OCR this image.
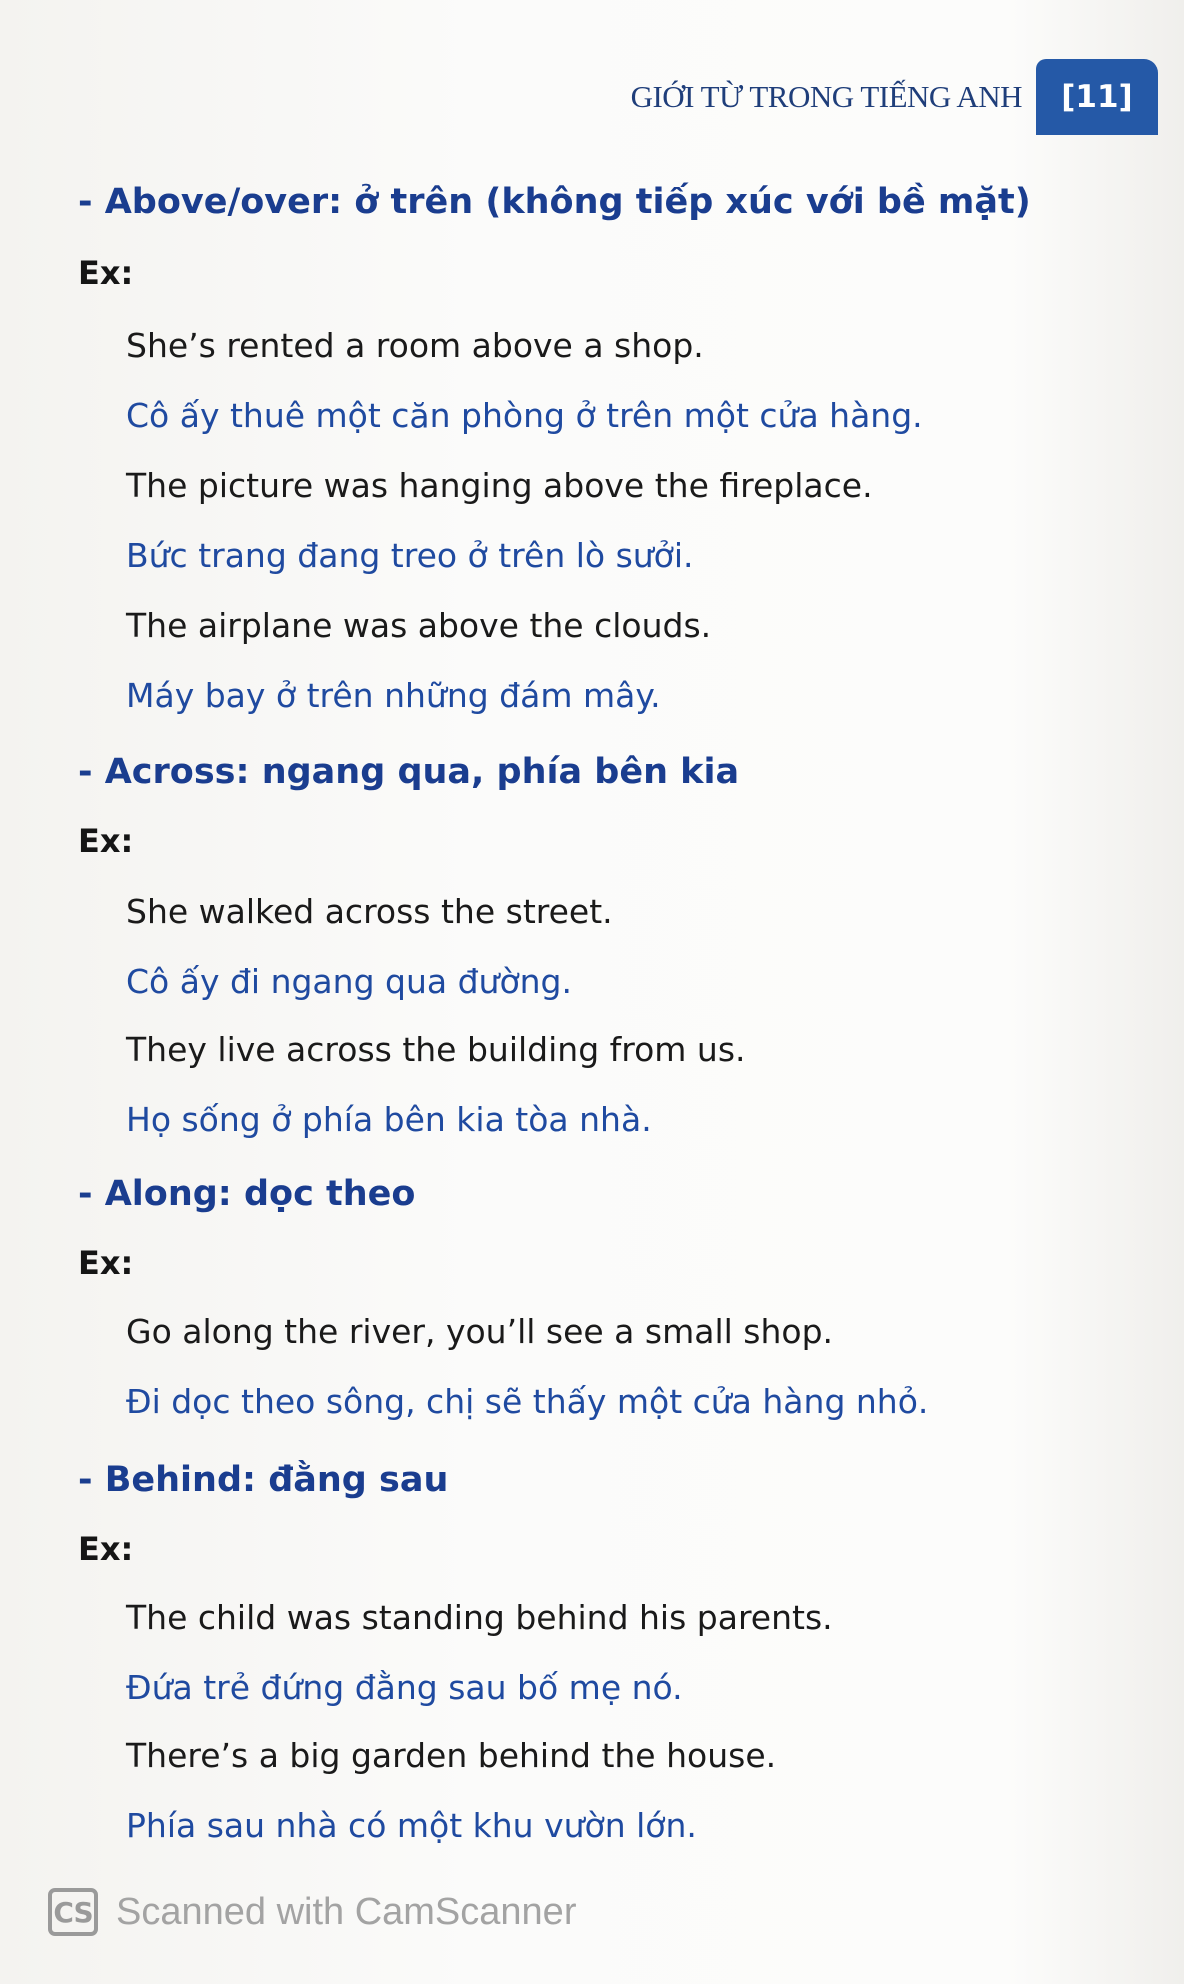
GIỚI TỪ TRONG TIẾNG ANH	[11]
- Above/over: ở trên (không tiếp xúc với bề mặt)
Ex:
She’s rented a room above a shop.
Cô ấy thuê một căn phòng ở trên một cửa hàng.
The picture was hanging above the fireplace.
Bức trang đang treo ở trên lò sưởi.
The airplane was above the clouds.
Máy bay ở trên những đám mây.
- Across: ngang qua, phía bên kia
Ex:
She walked across the street.
Cô ấy đi ngang qua đường.
They live across the building from us.
Họ sống ở phía bên kia tòa nhà.
- Along: dọc theo
Ex:
Go along the river, you’ll see a small shop.
Đi dọc theo sông, chị sẽ thấy một cửa hàng nhỏ.
- Behind: đằng sau
Ex:
The child was standing behind his parents.
Đứa trẻ đứng đằng sau bố mẹ nó.
There’s a big garden behind the house.
Phía sau nhà có một khu vườn lớn.
CS Scanned with CamScanner
